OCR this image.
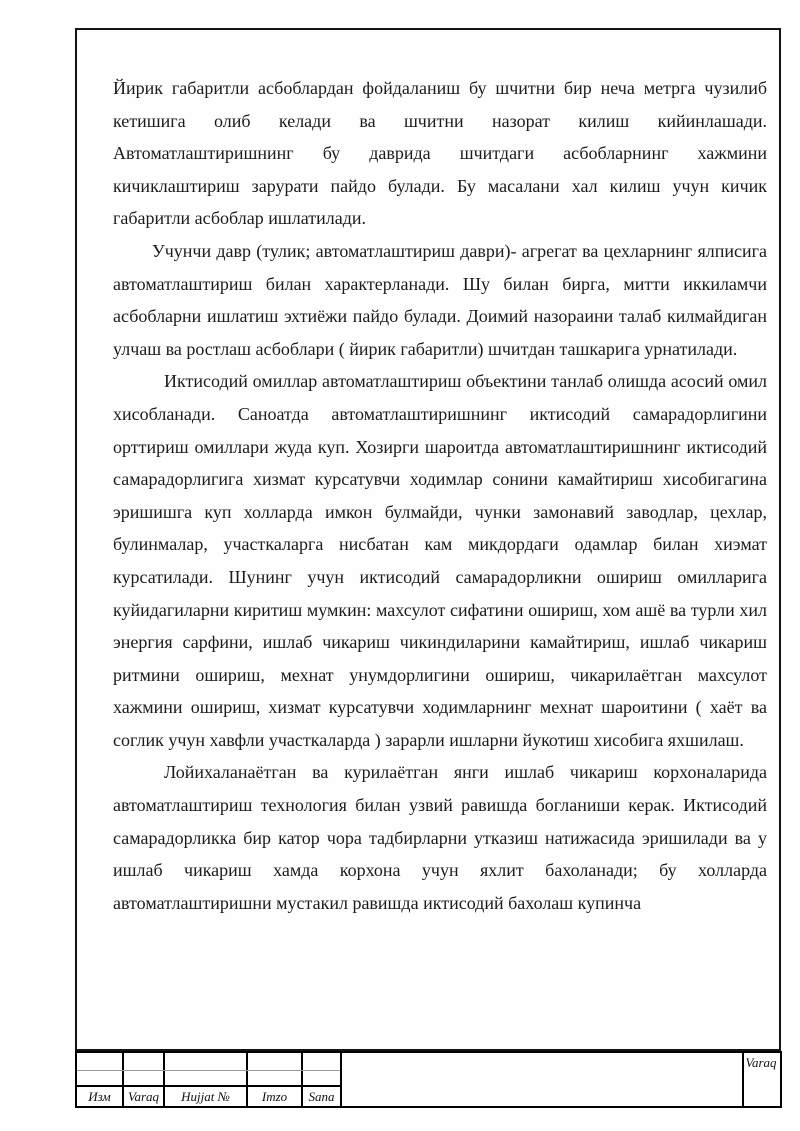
Йирик габаритли асбоблардан фойдаланиш бу шчитни бир неча метрга чузилиб кетишига олиб келади ва шчитни назорат килиш кийинлашади. Автоматлаштиришнинг бу даврида шчитдаги асбобларнинг хажмини кичиклаштириш зарурати пайдо булади. Бу масалани хал килиш учун кичик габаритли асбоблар ишлатилади.

Учунчи давр (тулик; автоматлаштириш даври)- агрегат ва цехларнинг ялписига автоматлаштириш билан характерланади. Шу билан бирга, митти иккиламчи асбобларни ишлатиш эхтиёжи пайдо булади. Доимий назораини талаб килмайдиган улчаш ва ростлаш асбоблари ( йирик габаритли) шчитдан ташкарига урнатилади.

Иктисодий омиллар автоматлаштириш объектини танлаб олишда асосий омил хисобланади. Саноатда автоматлаштиришнинг иктисодий самарадорлигини орттириш омиллари жуда куп. Хозирги шароитда автоматлаштиришнинг иктисодий самарадорлигига хизмат курсатувчи ходимлар сонини камайтириш хисобигагина эришишга куп холларда имкон булмайди, чунки замонавий заводлар, цехлар, булинмалар, участкаларга нисбатан кам микдордаги одамлар билан хиэмат курсатилади. Шунинг учун иктисодий самарадорликни ошириш омилларига куйидагиларни киритиш мумкин: махсулот сифатини ошириш, хом ашё ва турли хил энергия сарфини, ишлаб чикариш чикиндиларини камайтириш, ишлаб чикариш ритмини ошириш, мехнат унумдорлигини ошириш, чикарилаётган махсулот хажмини ошириш, хизмат курсатувчи ходимларнинг мехнат шароитини ( хаёт ва соглик учун хавфли участкаларда ) зарарли ишларни йукотиш хисобига яхшилаш.

Лойихаланаётган ва курилаётган янги ишлаб чикариш корхоналарида автоматлаштириш технология билан узвий равишда богланиши керак. Иктисодий самарадорликка бир катор чора тадбирларни утказиш натижасида эришилади ва у ишлаб чикариш хамда корхона учун яхлит бахоланади; бу холларда автоматлаштиришни мустакил равишда иктисодий бахолаш купинча

Изм	Varaq	Hujjat №	Imzo	Sana
Varaq
